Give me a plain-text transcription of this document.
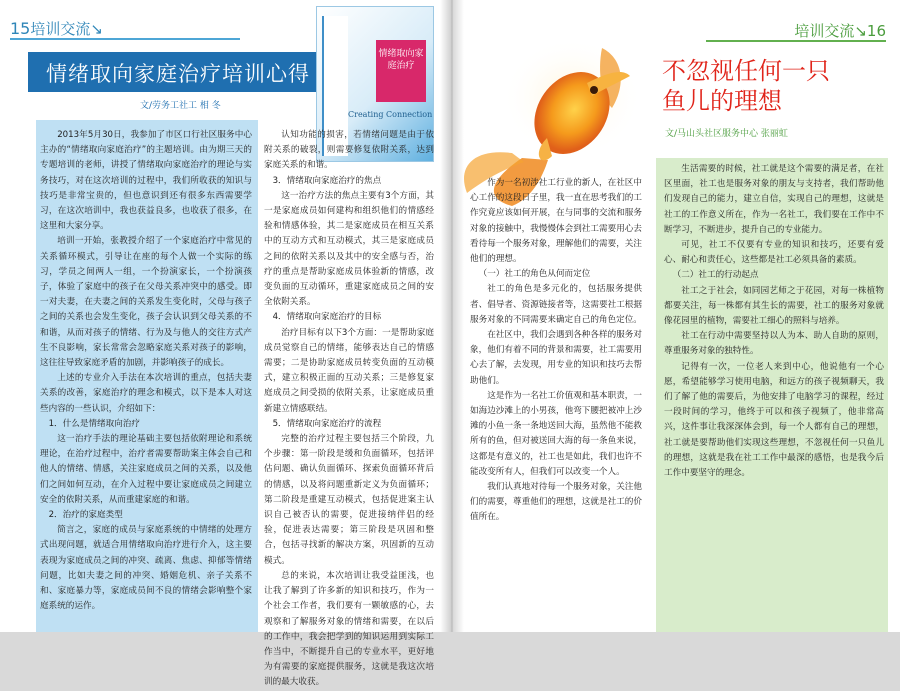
15培训交流↘
情绪取向家庭治疗培训心得
文/劳务工社工 相 冬
情绪取向家庭治疗
Creating Connection

2013年5月30日，我参加了市区口行社区服务中心主办的“情绪取向家庭治疗”的主题培训。由为期三天的专题培训的老师，讲授了情绪取向家庭治疗的理论与实务技巧，对在这次培训的过程中，我们所收获的知识与技巧是非常宝贵的，但也意识到还有很多东西需要学习，在这次培训中，我也获益良多，也收获了很多，在这里和大家分享。

培训一开始，张教授介绍了一个家庭治疗中常见的关系循环模式，引导让在座的每个人做一个实际的练习，学员之间两人一组，一个扮演家长，一个扮演孩子，体验了家庭中的孩子在父母关系冲突中的感受。即一对夫妻，在夫妻之间的关系发生变化时，父母与孩子之间的关系也会发生变化，孩子会认识到父母关系的不和谐，从而对孩子的情绪、行为及与他人的交往方式产生不良影响，家长常常会忽略家庭关系对孩子的影响，这往往导致家庭矛盾的加剧，并影响孩子的成长。

上述的专业介入手法在本次培训的重点，包括夫妻关系的改善，家庭治疗的理念和模式，以下是本人对这些内容的一些认识，介绍如下：

1．什么是情绪取向治疗

这一治疗手法的理论基础主要包括依附理论和系统理论，在治疗过程中，治疗者需要帮助案主体会自己和他人的情绪、情感，关注家庭成员之间的关系，以及他们之间如何互动，在介入过程中要让家庭成员之间建立安全的依附关系，从而重建家庭的和谐。

2．治疗的家庭类型

简言之，家庭的成员与家庭系统的中情绪的处理方式出现问题，就适合用情绪取向治疗进行介入，这主要表现为家庭成员之间的冲突、疏离、焦虑、抑郁等情绪问题，比如夫妻之间的冲突、婚姻危机、亲子关系不和、家庭暴力等，家庭成员间不良的情绪会影响整个家庭系统的运作。

认知功能的损害，若情绪问题是由于依附关系的破裂，则需要修复依附关系，达到家庭关系的和谐。

3．情绪取向家庭治疗的焦点

这一治疗方法的焦点主要有3个方面，其一是家庭成员如何建构和组织他们的情感经验和情感体验，其二是家庭成员在相互关系中的互动方式和互动模式，其三是家庭成员之间的依附关系以及其中的安全感与否，治疗的重点是帮助家庭成员体验新的情感，改变负面的互动循环，重建家庭成员之间的安全依附关系。

4．情绪取向家庭治疗的目标

治疗目标有以下3个方面：一是帮助家庭成员觉察自己的情绪，能够表达自己的情感需要；二是协助家庭成员转变负面的互动模式，建立积极正面的互动关系；三是修复家庭成员之间受损的依附关系，让家庭成员重新建立情感联结。

5．情绪取向家庭治疗的流程

完整的治疗过程主要包括三个阶段，九个步骤：第一阶段是缓和负面循环，包括评估问题、确认负面循环、探索负面循环背后的情感，以及将问题重新定义为负面循环；第二阶段是重建互动模式，包括促进案主认识自己被否认的需要，促进接纳伴侣的经验，促进表达需要；第三阶段是巩固和整合，包括寻找新的解决方案，巩固新的互动模式。

总的来说，本次培训让我受益匪浅，也让我了解到了许多新的知识和技巧，作为一个社会工作者，我们要有一颗敏感的心，去观察和了解服务对象的情绪和需要，在以后的工作中，我会把学到的知识运用到实际工作当中，不断提升自己的专业水平，更好地为有需要的家庭提供服务，这就是我这次培训的最大收获。

培训交流↘16
不忽视任何一只
鱼儿的理想
文/马山头社区服务中心 张丽虹

作为一名初涉社工行业的新人，在社区中心工作的这段日子里，我一直在思考我们的工作究竟应该如何开展，在与同事的交流和服务对象的接触中，我慢慢体会到社工需要用心去看待每一个服务对象，理解他们的需要，关注他们的理想。

（一）社工的角色从何而定位

社工的角色是多元化的，包括服务提供者、倡导者、资源链接者等，这需要社工根据服务对象的不同需要来确定自己的角色定位。

在社区中，我们会遇到各种各样的服务对象，他们有着不同的背景和需要，社工需要用心去了解，去发现，用专业的知识和技巧去帮助他们。

这是作为一名社工价值观和基本职责，一如海边沙滩上的小男孩，他弯下腰把被冲上沙滩的小鱼一条一条地送回大海，虽然他不能救所有的鱼，但对被送回大海的每一条鱼来说，这都是有意义的，社工也是如此，我们也许不能改变所有人，但我们可以改变一个人。

我们认真地对待每一个服务对象，关注他们的需要，尊重他们的理想，这就是社工的价值所在。

生活需要的时候，社工就是这个需要的满足者，在社区里面，社工也是服务对象的朋友与支持者，我们帮助他们发现自己的能力，建立自信，实现自己的理想，这就是社工的工作意义所在，作为一名社工，我们要在工作中不断学习，不断进步，提升自己的专业能力。

可见，社工不仅要有专业的知识和技巧，还要有爱心、耐心和责任心，这些都是社工必须具备的素质。

（二）社工的行动起点

社工之于社会，如同园艺师之于花园，对每一株植物都要关注，每一株都有其生长的需要，社工的服务对象就像花园里的植物，需要社工细心的照料与培养。

社工在行动中需要坚持以人为本、助人自助的原则，尊重服务对象的独特性。

记得有一次，一位老人来到中心，他说他有一个心愿，希望能够学习使用电脑，和远方的孩子视频聊天，我们了解了他的需要后，为他安排了电脑学习的课程，经过一段时间的学习，他终于可以和孩子视频了，他非常高兴，这件事让我深深体会到，每一个人都有自己的理想，社工就是要帮助他们实现这些理想，不忽视任何一只鱼儿的理想，这就是我在社工工作中最深的感悟，也是我今后工作中要坚守的理念。
